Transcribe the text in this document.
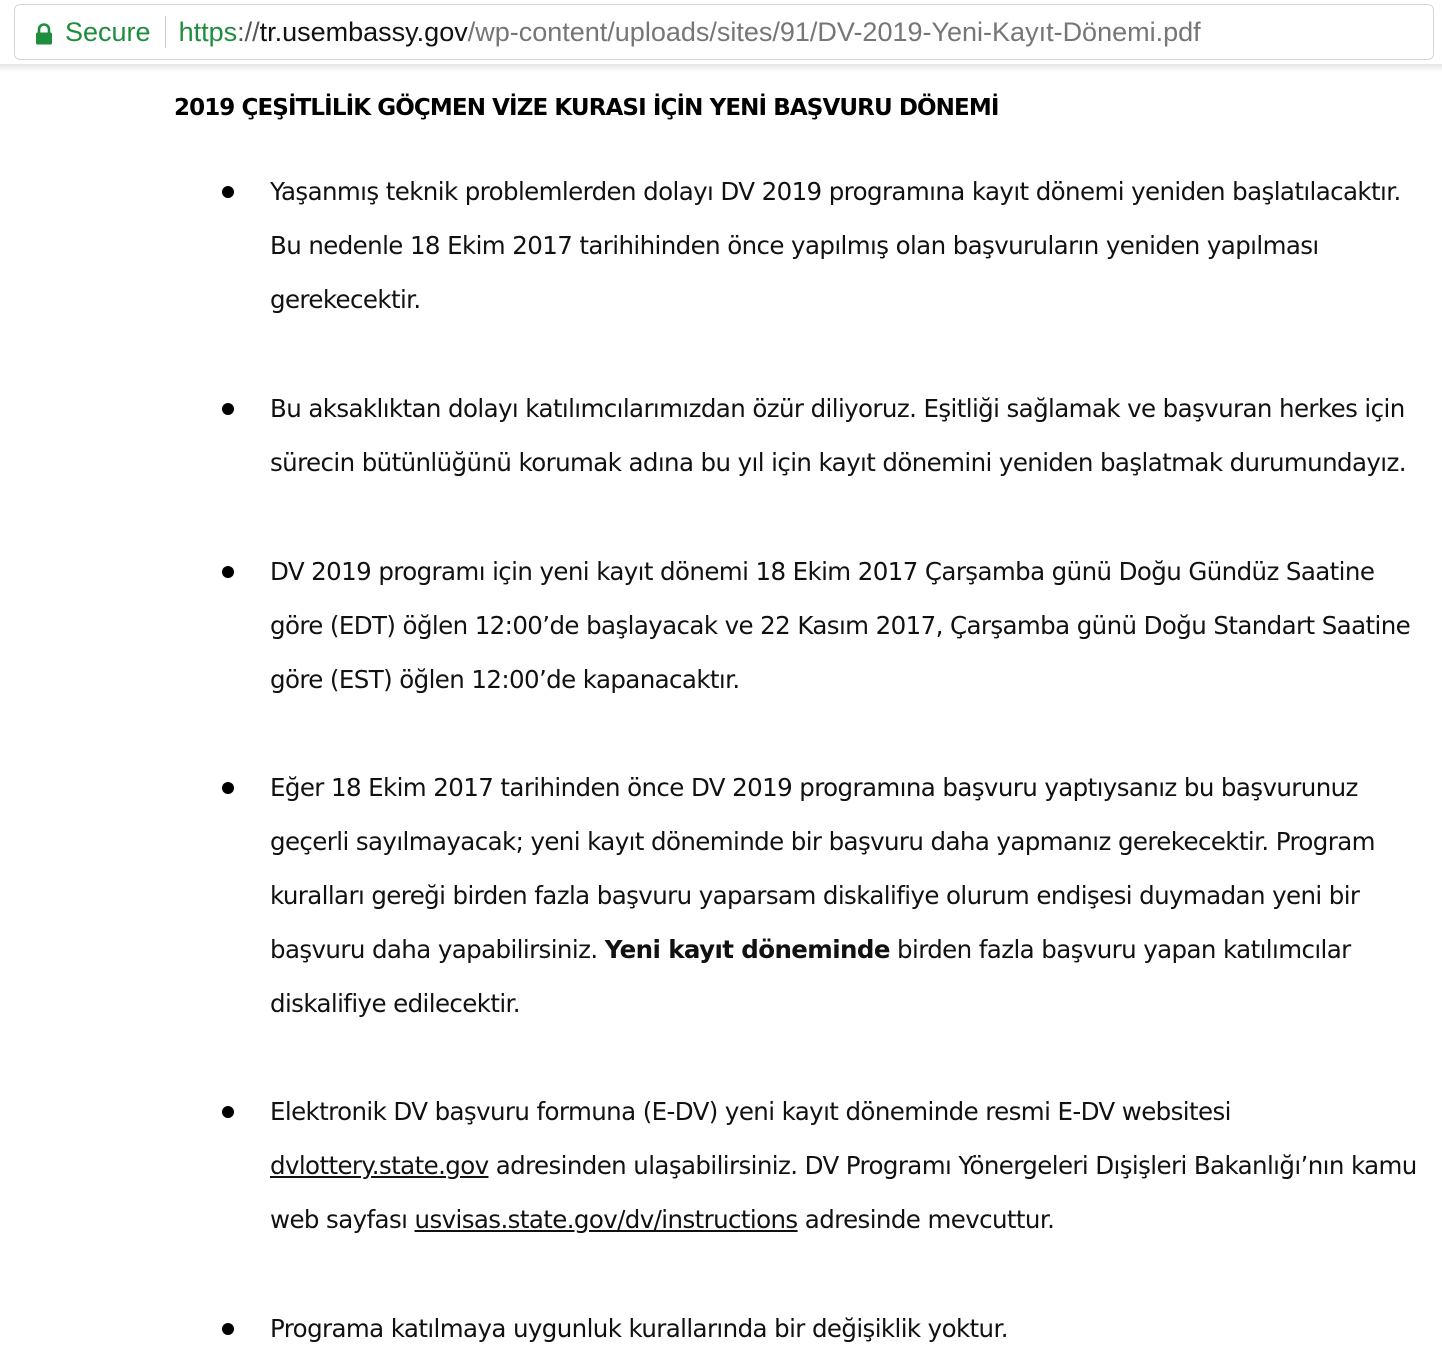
Secure https://tr.usembassy.gov/wp-content/uploads/sites/91/DV-2019-Yeni-Kayıt-Dönemi.pdf
2019 ÇEŞİTLİLİK GÖÇMEN VİZE KURASI İÇİN YENİ BAŞVURU DÖNEMİ

Yaşanmış teknik problemlerden dolayı DV 2019 programına kayıt dönemi yeniden başlatılacaktır. Bu nedenle 18 Ekim 2017 tarihihinden önce yapılmış olan başvuruların yeniden yapılması gerekecektir.

Bu aksaklıktan dolayı katılımcılarımızdan özür diliyoruz. Eşitliği sağlamak ve başvuran herkes için sürecin bütünlüğünü korumak adına bu yıl için kayıt dönemini yeniden başlatmak durumundayız.

DV 2019 programı için yeni kayıt dönemi 18 Ekim 2017 Çarşamba günü Doğu Gündüz Saatine göre (EDT) öğlen 12:00’de başlayacak ve 22 Kasım 2017, Çarşamba günü Doğu Standart Saatine göre (EST) öğlen 12:00’de kapanacaktır.

Eğer 18 Ekim 2017 tarihinden önce DV 2019 programına başvuru yaptıysanız bu başvurunuz geçerli sayılmayacak; yeni kayıt döneminde bir başvuru daha yapmanız gerekecektir. Program kuralları gereği birden fazla başvuru yaparsam diskalifiye olurum endişesi duymadan yeni bir başvuru daha yapabilirsiniz. Yeni kayıt döneminde birden fazla başvuru yapan katılımcılar diskalifiye edilecektir.

Elektronik DV başvuru formuna (E-DV) yeni kayıt döneminde resmi E-DV websitesi dvlottery.state.gov adresinden ulaşabilirsiniz. DV Programı Yönergeleri Dışişleri Bakanlığı’nın kamu web sayfası usvisas.state.gov/dv/instructions adresinde mevcuttur.

Programa katılmaya uygunluk kurallarında bir değişiklik yoktur.
